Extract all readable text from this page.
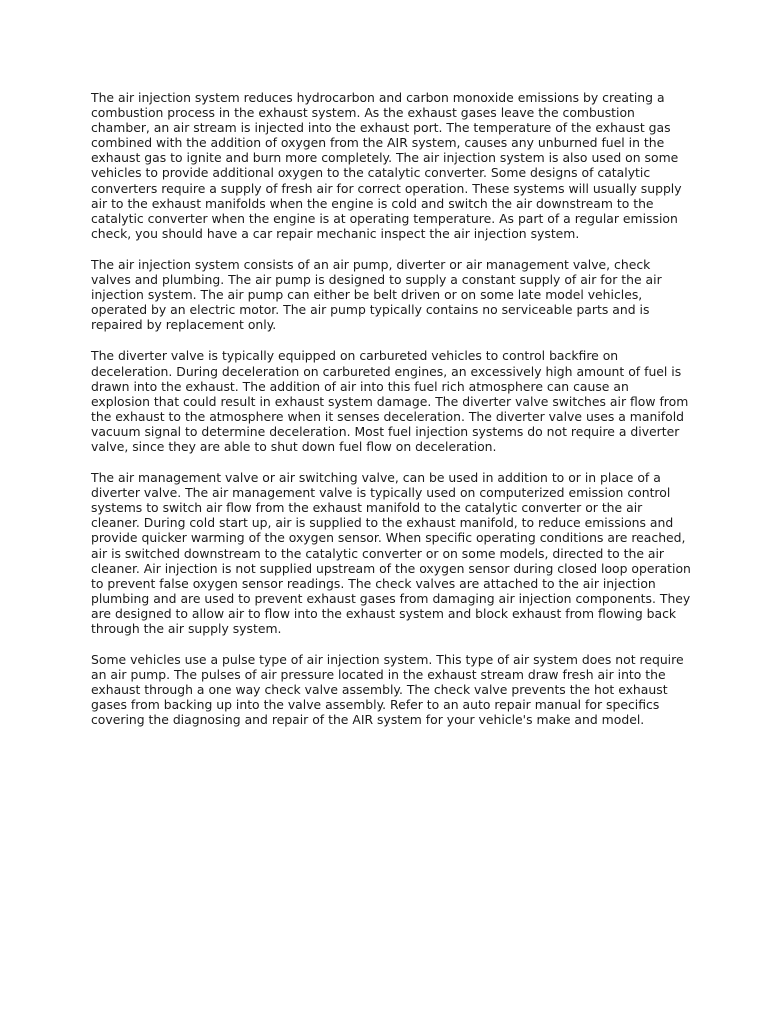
The air injection system reduces hydrocarbon and carbon monoxide emissions by creating a combustion process in the exhaust system. As the exhaust gases leave the combustion chamber, an air stream is injected into the exhaust port. The temperature of the exhaust gas combined with the addition of oxygen from the AIR system, causes any unburned fuel in the exhaust gas to ignite and burn more completely. The air injection system is also used on some vehicles to provide additional oxygen to the catalytic converter. Some designs of catalytic converters require a supply of fresh air for correct operation. These systems will usually supply air to the exhaust manifolds when the engine is cold and switch the air downstream to the catalytic converter when the engine is at operating temperature. As part of a regular emission check, you should have a car repair mechanic inspect the air injection system.

The air injection system consists of an air pump, diverter or air management valve, check valves and plumbing. The air pump is designed to supply a constant supply of air for the air injection system. The air pump can either be belt driven or on some late model vehicles, operated by an electric motor. The air pump typically contains no serviceable parts and is repaired by replacement only.

The diverter valve is typically equipped on carbureted vehicles to control backfire on deceleration. During deceleration on carbureted engines, an excessively high amount of fuel is drawn into the exhaust. The addition of air into this fuel rich atmosphere can cause an explosion that could result in exhaust system damage. The diverter valve switches air flow from the exhaust to the atmosphere when it senses deceleration. The diverter valve uses a manifold vacuum signal to determine deceleration. Most fuel injection systems do not require a diverter valve, since they are able to shut down fuel flow on deceleration.

The air management valve or air switching valve, can be used in addition to or in place of a diverter valve. The air management valve is typically used on computerized emission control systems to switch air flow from the exhaust manifold to the catalytic converter or the air cleaner. During cold start up, air is supplied to the exhaust manifold, to reduce emissions and provide quicker warming of the oxygen sensor. When specific operating conditions are reached, air is switched downstream to the catalytic converter or on some models, directed to the air cleaner. Air injection is not supplied upstream of the oxygen sensor during closed loop operation to prevent false oxygen sensor readings. The check valves are attached to the air injection plumbing and are used to prevent exhaust gases from damaging air injection components. They are designed to allow air to flow into the exhaust system and block exhaust from flowing back through the air supply system.

Some vehicles use a pulse type of air injection system. This type of air system does not require an air pump. The pulses of air pressure located in the exhaust stream draw fresh air into the exhaust through a one way check valve assembly. The check valve prevents the hot exhaust gases from backing up into the valve assembly. Refer to an auto repair manual for specifics covering the diagnosing and repair of the AIR system for your vehicle's make and model.
